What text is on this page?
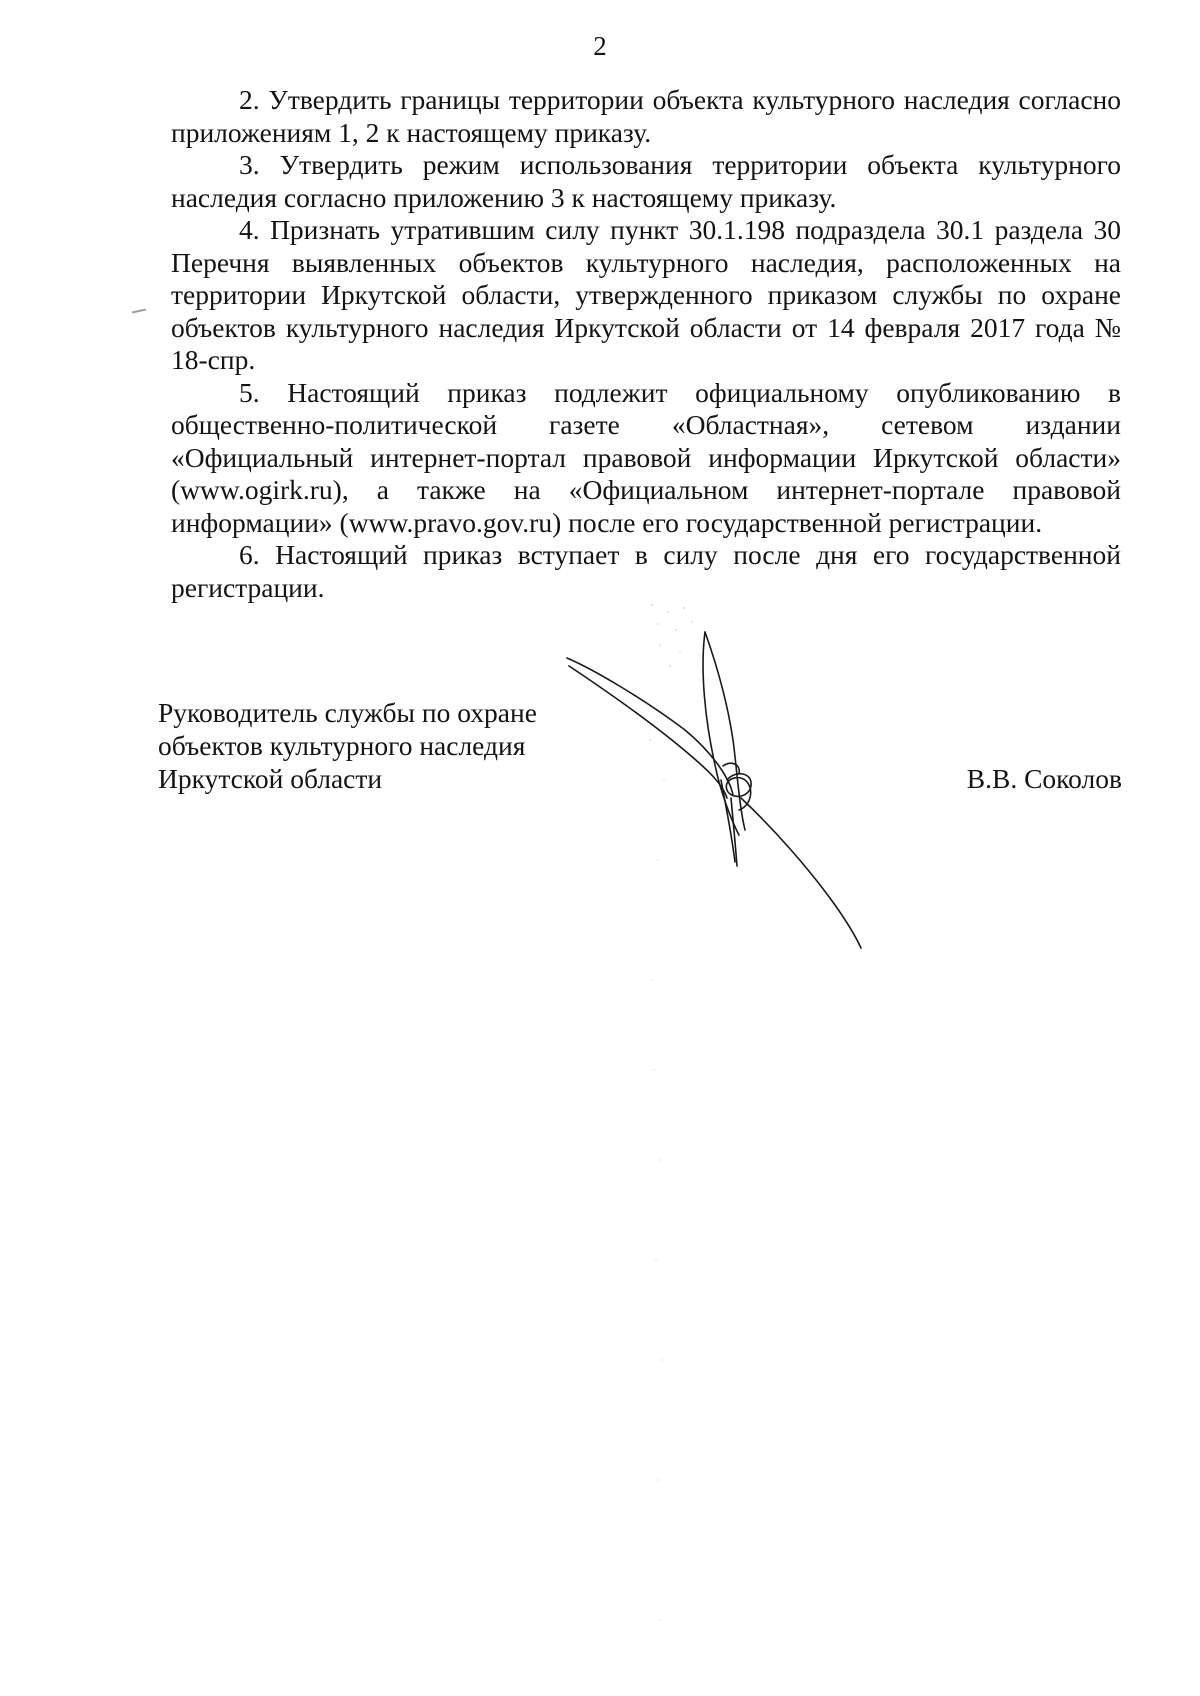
2

2. Утвердить границы территории объекта культурного наследия согласно приложениям 1, 2 к настоящему приказу.

3. Утвердить режим использования территории объекта культурного наследия согласно приложению 3 к настоящему приказу.

4. Признать утратившим силу пункт 30.1.198 подраздела 30.1 раздела 30 Перечня выявленных объектов культурного наследия, расположенных на территории Иркутской области, утвержденного приказом службы по охране объектов культурного наследия Иркутской области от 14 февраля 2017 года № 18-спр.

5. Настоящий приказ подлежит официальному опубликованию в общественно-политической газете «Областная», сетевом издании «Официальный интернет-портал правовой информации Иркутской области» (www.ogirk.ru), а также на «Официальном интернет-портале правовой информации» (www.pravo.gov.ru) после его государственной регистрации.

6. Настоящий приказ вступает в силу после дня его государственной регистрации.

Руководитель службы по охране
объектов культурного наследия
Иркутской области	В.В. Соколов
